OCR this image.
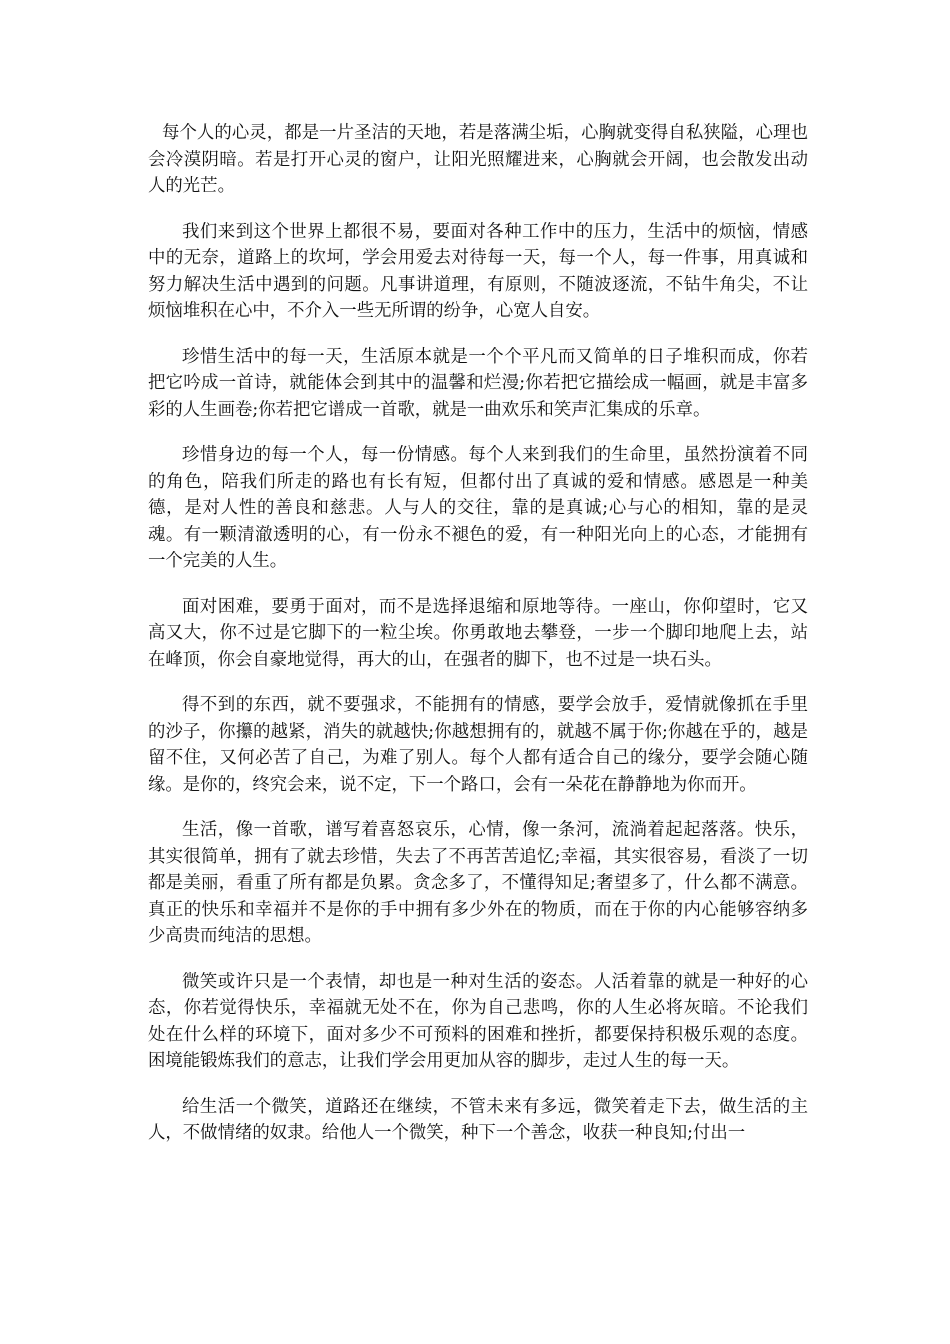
每个人的心灵，都是一片圣洁的天地，若是落满尘垢，心胸就变得自私狭隘，心理也会冷漠阴暗。若是打开心灵的窗户，让阳光照耀进来，心胸就会开阔，也会散发出动人的光芒。

我们来到这个世界上都很不易，要面对各种工作中的压力，生活中的烦恼，情感中的无奈，道路上的坎坷，学会用爱去对待每一天，每一个人，每一件事，用真诚和努力解决生活中遇到的问题。凡事讲道理，有原则，不随波逐流，不钻牛角尖，不让烦恼堆积在心中，不介入一些无所谓的纷争，心宽人自安。

珍惜生活中的每一天，生活原本就是一个个平凡而又简单的日子堆积而成，你若把它吟成一首诗，就能体会到其中的温馨和烂漫;你若把它描绘成一幅画，就是丰富多彩的人生画卷;你若把它谱成一首歌，就是一曲欢乐和笑声汇集成的乐章。

珍惜身边的每一个人，每一份情感。每个人来到我们的生命里，虽然扮演着不同的角色，陪我们所走的路也有长有短，但都付出了真诚的爱和情感。感恩是一种美德，是对人性的善良和慈悲。人与人的交往，靠的是真诚;心与心的相知，靠的是灵魂。有一颗清澈透明的心，有一份永不褪色的爱，有一种阳光向上的心态，才能拥有一个完美的人生。

面对困难，要勇于面对，而不是选择退缩和原地等待。一座山，你仰望时，它又高又大，你不过是它脚下的一粒尘埃。你勇敢地去攀登，一步一个脚印地爬上去，站在峰顶，你会自豪地觉得，再大的山，在强者的脚下，也不过是一块石头。

得不到的东西，就不要强求，不能拥有的情感，要学会放手，爱情就像抓在手里的沙子，你攥的越紧，消失的就越快;你越想拥有的，就越不属于你;你越在乎的，越是留不住，又何必苦了自己，为难了别人。每个人都有适合自己的缘分，要学会随心随缘。是你的，终究会来，说不定，下一个路口，会有一朵花在静静地为你而开。

生活，像一首歌，谱写着喜怒哀乐，心情，像一条河，流淌着起起落落。快乐，其实很简单，拥有了就去珍惜，失去了不再苦苦追忆;幸福，其实很容易，看淡了一切都是美丽，看重了所有都是负累。贪念多了，不懂得知足;奢望多了，什么都不满意。真正的快乐和幸福并不是你的手中拥有多少外在的物质，而在于你的内心能够容纳多少高贵而纯洁的思想。

微笑或许只是一个表情，却也是一种对生活的姿态。人活着靠的就是一种好的心态，你若觉得快乐，幸福就无处不在，你为自己悲鸣，你的人生必将灰暗。不论我们处在什么样的环境下，面对多少不可预料的困难和挫折，都要保持积极乐观的态度。困境能锻炼我们的意志，让我们学会用更加从容的脚步，走过人生的每一天。

给生活一个微笑，道路还在继续，不管未来有多远，微笑着走下去，做生活的主人，不做情绪的奴隶。给他人一个微笑，种下一个善念，收获一种良知;付出一
